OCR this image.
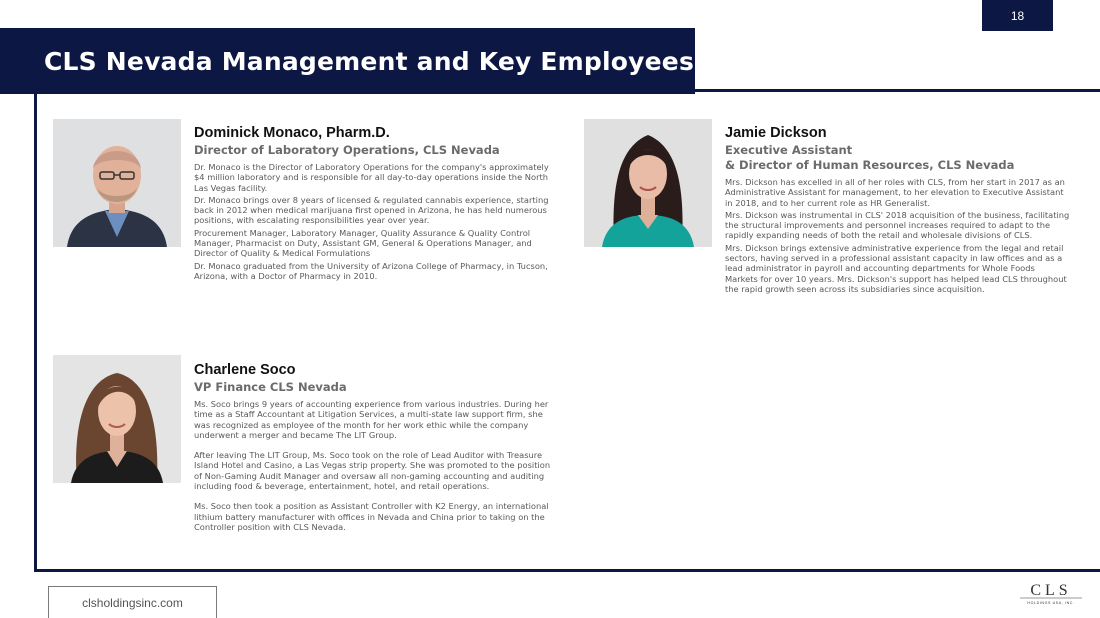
18
CLS Nevada Management and Key Employees
Dominick Monaco, Pharm.D.
Director of Laboratory Operations, CLS Nevada

Dr. Monaco is the Director of Laboratory Operations for the company's approximately $4 million laboratory and is responsible for all day-to-day operations inside the North Las Vegas facility.

Dr. Monaco brings over 8 years of licensed & regulated cannabis experience, starting back in 2012 when medical marijuana first opened in Arizona, he has held numerous positions, with escalating responsibilities year over year.

Procurement Manager, Laboratory Manager, Quality Assurance & Quality Control Manager, Pharmacist on Duty, Assistant GM, General & Operations Manager, and Director of Quality & Medical Formulations

Dr. Monaco graduated from the University of Arizona College of Pharmacy, in Tucson, Arizona, with a Doctor of Pharmacy in 2010.

Jamie Dickson
Executive Assistant
& Director of Human Resources, CLS Nevada

Mrs. Dickson has excelled in all of her roles with CLS, from her start in 2017 as an Administrative Assistant for management, to her elevation to Executive Assistant in 2018, and to her current role as HR Generalist.

Mrs. Dickson was instrumental in CLS' 2018 acquisition of the business, facilitating the structural improvements and personnel increases required to adapt to the rapidly expanding needs of both the retail and wholesale divisions of CLS.

Mrs. Dickson brings extensive administrative experience from the legal and retail sectors, having served in a professional assistant capacity in law offices and as a lead administrator in payroll and accounting departments for Whole Foods Markets for over 10 years. Mrs. Dickson's support has helped lead CLS throughout the rapid growth seen across its subsidiaries since acquisition.

Charlene Soco
VP Finance CLS Nevada

Ms. Soco brings 9 years of accounting experience from various industries. During her time as a Staff Accountant at Litigation Services, a multi-state law support firm, she was recognized as employee of the month for her work ethic while the company underwent a merger and became The LIT Group.

After leaving The LIT Group, Ms. Soco took on the role of Lead Auditor with Treasure Island Hotel and Casino, a Las Vegas strip property. She was promoted to the position of Non-Gaming Audit Manager and oversaw all non-gaming accounting and auditing including food & beverage, entertainment, hotel, and retail operations.

Ms. Soco then took a position as Assistant Controller with K2 Energy, an international lithium battery manufacturer with offices in Nevada and China prior to taking on the Controller position with CLS Nevada.

clsholdingsinc.com
CLS
HOLDINGS USA, INC.
